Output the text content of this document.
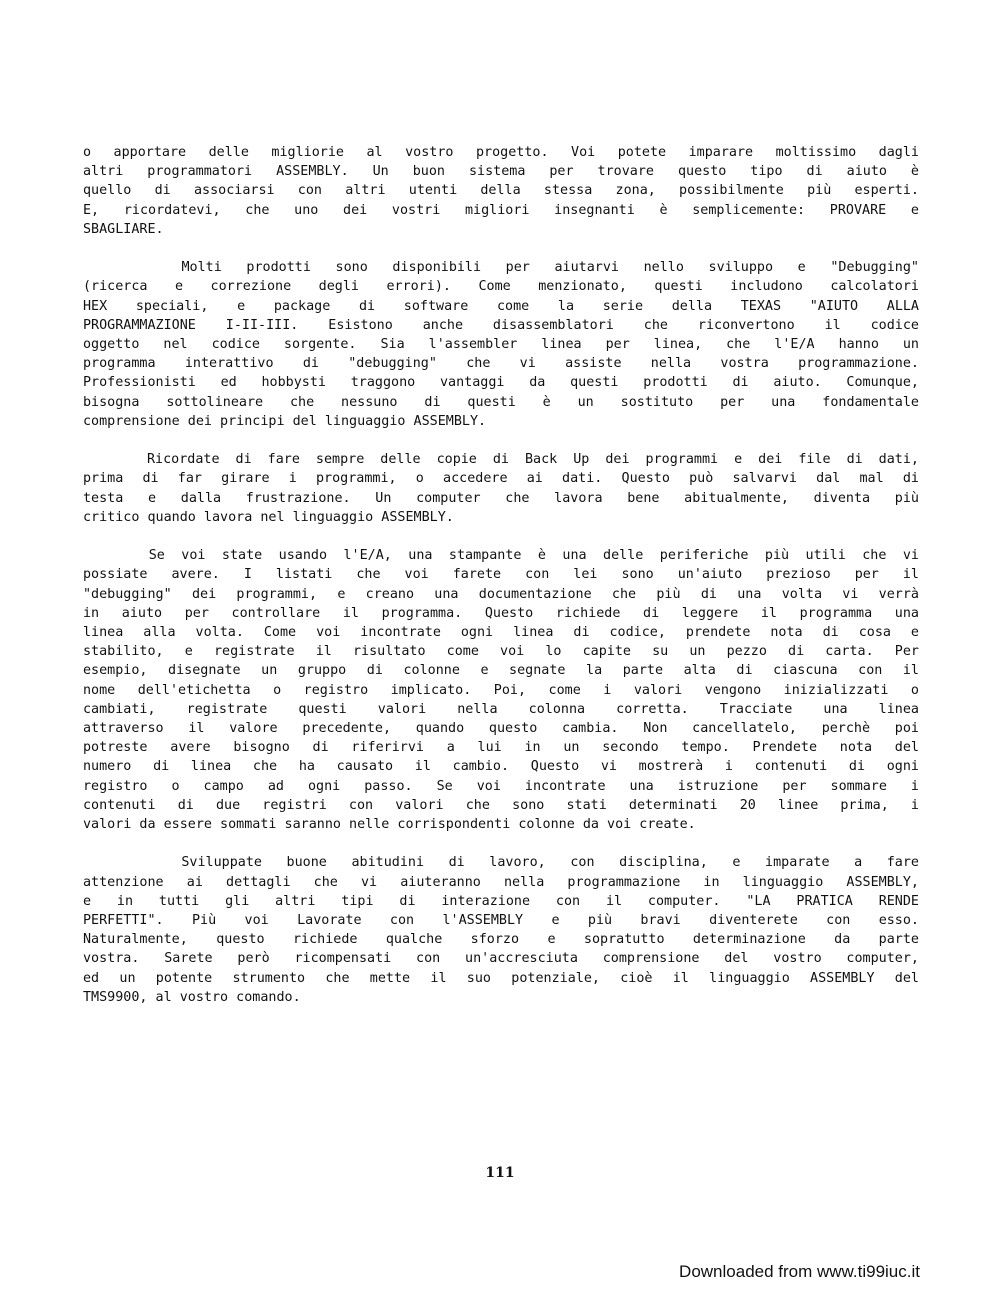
o apportare delle migliorie al vostro progetto. Voi potete imparare moltissimo dagli
altri programmatori ASSEMBLY. Un buon sistema per trovare questo tipo di aiuto è
quello di associarsi con altri utenti della stessa zona, possibilmente più esperti.
E, ricordatevi, che uno dei vostri migliori insegnanti è semplicemente: PROVARE e
SBAGLIARE.
Molti prodotti sono disponibili per aiutarvi nello sviluppo e "Debugging"
(ricerca e correzione degli errori). Come menzionato, questi includono calcolatori
HEX speciali, e package di software come la serie della TEXAS "AIUTO ALLA
PROGRAMMAZIONE I-II-III. Esistono anche disassemblatori che riconvertono il codice
oggetto nel codice sorgente. Sia l'assembler linea per linea, che l'E/A hanno un
programma interattivo di "debugging" che vi assiste nella vostra programmazione.
Professionisti ed hobbysti traggono vantaggi da questi prodotti di aiuto. Comunque,
bisogna sottolineare che nessuno di questi è un sostituto per una fondamentale
comprensione dei principi del linguaggio ASSEMBLY.
Ricordate di fare sempre delle copie di Back Up dei programmi e dei file di dati,
prima di far girare i programmi, o accedere ai dati. Questo può salvarvi dal mal di
testa e dalla frustrazione. Un computer che lavora bene abitualmente, diventa più
critico quando lavora nel linguaggio ASSEMBLY.
Se voi state usando l'E/A, una stampante è una delle periferiche più utili che vi
possiate avere. I listati che voi farete con lei sono un'aiuto prezioso per il
"debugging" dei programmi, e creano una documentazione che più di una volta vi verrà
in aiuto per controllare il programma. Questo richiede di leggere il programma una
linea alla volta. Come voi incontrate ogni linea di codice, prendete nota di cosa e
stabilito, e registrate il risultato come voi lo capite su un pezzo di carta. Per
esempio, disegnate un gruppo di colonne e segnate la parte alta di ciascuna con il
nome dell'etichetta o registro implicato. Poi, come i valori vengono inizializzati o
cambiati, registrate questi valori nella colonna corretta. Tracciate una linea
attraverso il valore precedente, quando questo cambia. Non cancellatelo, perchè poi
potreste avere bisogno di riferirvi a lui in un secondo tempo. Prendete nota del
numero di linea che ha causato il cambio. Questo vi mostrerà i contenuti di ogni
registro o campo ad ogni passo. Se voi incontrate una istruzione per sommare i
contenuti di due registri con valori che sono stati determinati 20 linee prima, i
valori da essere sommati saranno nelle corrispondenti colonne da voi create.
Sviluppate buone abitudini di lavoro, con disciplina, e imparate a fare
attenzione ai dettagli che vi aiuteranno nella programmazione in linguaggio ASSEMBLY,
e in tutti gli altri tipi di interazione con il computer. "LA PRATICA RENDE
PERFETTI". Più voi Lavorate con l'ASSEMBLY e più bravi diventerete con esso.
Naturalmente, questo richiede qualche sforzo e sopratutto determinazione da parte
vostra. Sarete però ricompensati con un'accresciuta comprensione del vostro computer,
ed un potente strumento che mette il suo potenziale, cioè il linguaggio ASSEMBLY del
TMS9900, al vostro comando.
111
Downloaded from www.ti99iuc.it
